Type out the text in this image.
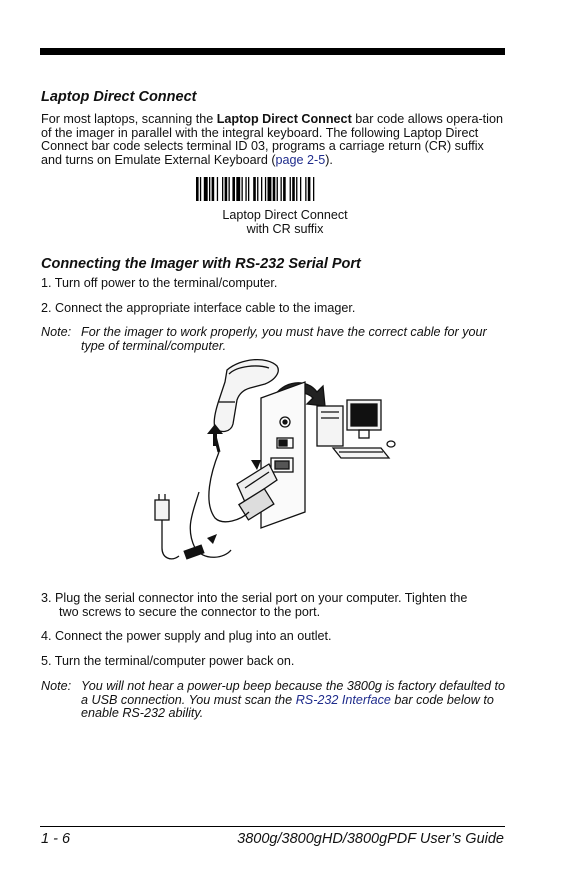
Laptop Direct Connect
For most laptops, scanning the Laptop Direct Connect bar code allows opera-tion of the imager in parallel with the integral keyboard. The following Laptop Direct Connect bar code selects terminal ID 03, programs a carriage return (CR) suffix and turns on Emulate External Keyboard (page 2-5).
Laptop Direct Connect
with CR suffix
Connecting the Imager with RS-232 Serial Port
1. Turn off power to the terminal/computer.
2. Connect the appropriate interface cable to the imager.
Note: For the imager to work properly, you must have the correct cable for your type of terminal/computer.
3. Plug the serial connector into the serial port on your computer. Tighten the
two screws to secure the connector to the port.
4. Connect the power supply and plug into an outlet.
5. Turn the terminal/computer power back on.
Note: You will not hear a power-up beep because the 3800g is factory defaulted to a USB connection. You must scan the RS-232 Interface bar code below to enable RS-232 ability.
1 - 6	3800g/3800gHD/3800gPDF User’s Guide
